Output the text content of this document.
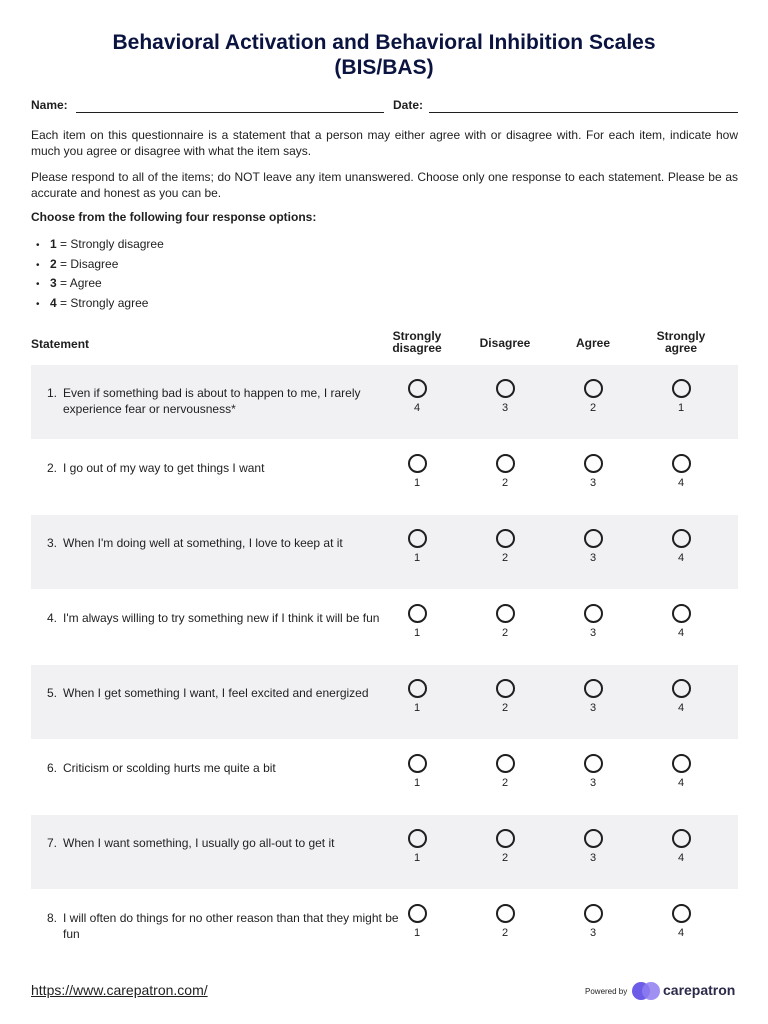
Behavioral Activation and Behavioral Inhibition Scales
(BIS/BAS)
Name:	Date:
Each item on this questionnaire is a statement that a person may either agree with or disagree with. For each item, indicate how much you agree or disagree with what the item says.
Please respond to all of the items; do NOT leave any item unanswered. Choose only one response to each statement. Please be as accurate and honest as you can be.
Choose from the following four response options:
• 1 = Strongly disagree
• 2 = Disagree
• 3 = Agree
• 4 = Strongly agree
Statement
Strongly
disagree	Disagree	Agree	Strongly
agree
1. Even if something bad is about to happen to me, I rarely experience fear or nervousness*	4	3	2	1
2. I go out of my way to get things I want
1	2	3	4
3. When I'm doing well at something, I love to keep at it
1	2	3	4
4. I'm always willing to try something new if I think it will be fun
1	2	3	4
5. When I get something I want, I feel excited and energized
1	2	3	4
6. Criticism or scolding hurts me quite a bit
1	2	3	4
7. When I want something, I usually go all-out to get it
1	2	3	4
8. I will often do things for no other reason than that they might be fun	1	2	3	4
https://www.carepatron.com/	Powered by	carepatron
